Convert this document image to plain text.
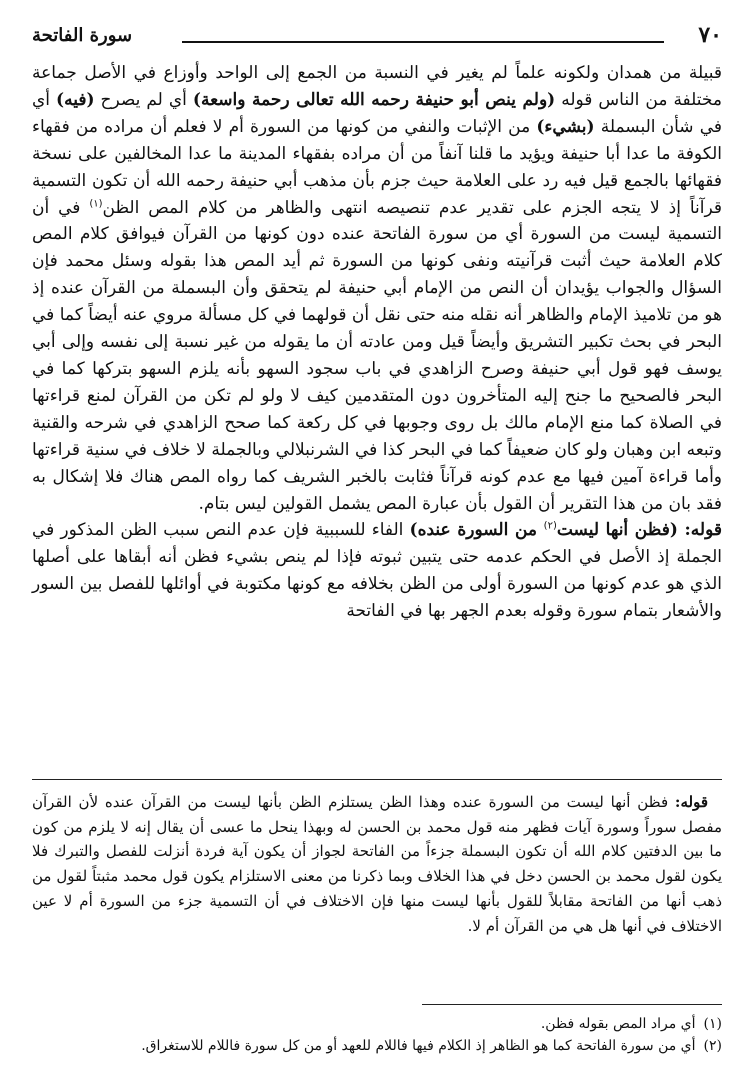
٧٠
سورة الفاتحة

قبيلة من همدان ولكونه علماً لم يغير في النسبة من الجمع إلى الواحد وأوزاع في الأصل جماعة مختلفة من الناس قوله (ولم ينص أبو حنيفة رحمه الله تعالى رحمة واسعة) أي لم يصرح (فيه) أي في شأن البسملة (بشيء) من الإثبات والنفي من كونها من السورة أم لا فعلم أن مراده من فقهاء الكوفة ما عدا أبا حنيفة ويؤيد ما قلنا آنفاً من أن مراده بفقهاء المدينة ما عدا المخالفين على نسخة فقهائها بالجمع قيل فيه رد على العلامة حيث جزم بأن مذهب أبي حنيفة رحمه الله أن تكون التسمية قرآناً إذ لا يتجه الجزم على تقدير عدم تنصيصه انتهى والظاهر من كلام المص الظن$^{(١)}$ في أن التسمية ليست من السورة أي من سورة الفاتحة عنده دون كونها من القرآن فيوافق كلام المص كلام العلامة حيث أثبت قرآنيته ونفى كونها من السورة ثم أيد المص هذا بقوله وسئل محمد فإن السؤال والجواب يؤيدان أن النص من الإمام أبي حنيفة لم يتحقق وأن البسملة من القرآن عنده إذ هو من تلاميذ الإمام والظاهر أنه نقله منه حتى نقل أن قولهما في كل مسألة مروي عنه أيضاً كما في البحر في بحث تكبير التشريق وأيضاً قيل ومن عادته أن ما يقوله من غير نسبة إلى نفسه وإلى أبي يوسف فهو قول أبي حنيفة وصرح الزاهدي في باب سجود السهو بأنه يلزم السهو بتركها كما في البحر فالصحيح ما جنح إليه المتأخرون دون المتقدمين كيف لا ولو لم تكن من القرآن لمنع قراءتها في الصلاة كما منع الإمام مالك بل روى وجوبها في كل ركعة كما صحح الزاهدي في شرحه والقنية وتبعه ابن وهبان ولو كان ضعيفاً كما في البحر كذا في الشرنبلالي وبالجملة لا خلاف في سنية قراءتها وأما قراءة آمين فيها مع عدم كونه قرآناً فثابت بالخبر الشريف كما رواه المص هناك فلا إشكال به فقد بان من هذا التقرير أن القول بأن عبارة المص يشمل القولين ليس بتام.

قوله: (فظن أنها ليست$^{(٢)}$ من السورة عنده) الفاء للسببية فإن عدم النص سبب الظن المذكور في الجملة إذ الأصل في الحكم عدمه حتى يتبين ثبوته فإذا لم ينص بشيء فظن أنه أبقاها على أصلها الذي هو عدم كونها من السورة أولى من الظن بخلافه مع كونها مكتوبة في أوائلها للفصل بين السور والأشعار بتمام سورة وقوله بعدم الجهر بها في الفاتحة

قوله: فظن أنها ليست من السورة عنده وهذا الظن يستلزم الظن بأنها ليست من القرآن عنده لأن القرآن مفصل سوراً وسورة آيات فظهر منه قول محمد بن الحسن له وبهذا ينحل ما عسى أن يقال إنه لا يلزم من كون ما بين الدفتين كلام الله أن تكون البسملة جزءاً من الفاتحة لجواز أن يكون آية فردة أنزلت للفصل والتبرك فلا يكون لقول محمد بن الحسن دخل في هذا الخلاف وبما ذكرنا من معنى الاستلزام يكون قول محمد مثبتاً لقول من ذهب أنها من الفاتحة مقابلاً للقول بأنها ليست منها فإن الاختلاف في أن التسمية جزء من السورة أم لا عين الاختلاف في أنها هل هي من القرآن أم لا.

(١)
أي مراد المص بقوله فظن.
(٢)
أي من سورة الفاتحة كما هو الظاهر إذ الكلام فيها فاللام للعهد أو من كل سورة فاللام للاستغراق.
